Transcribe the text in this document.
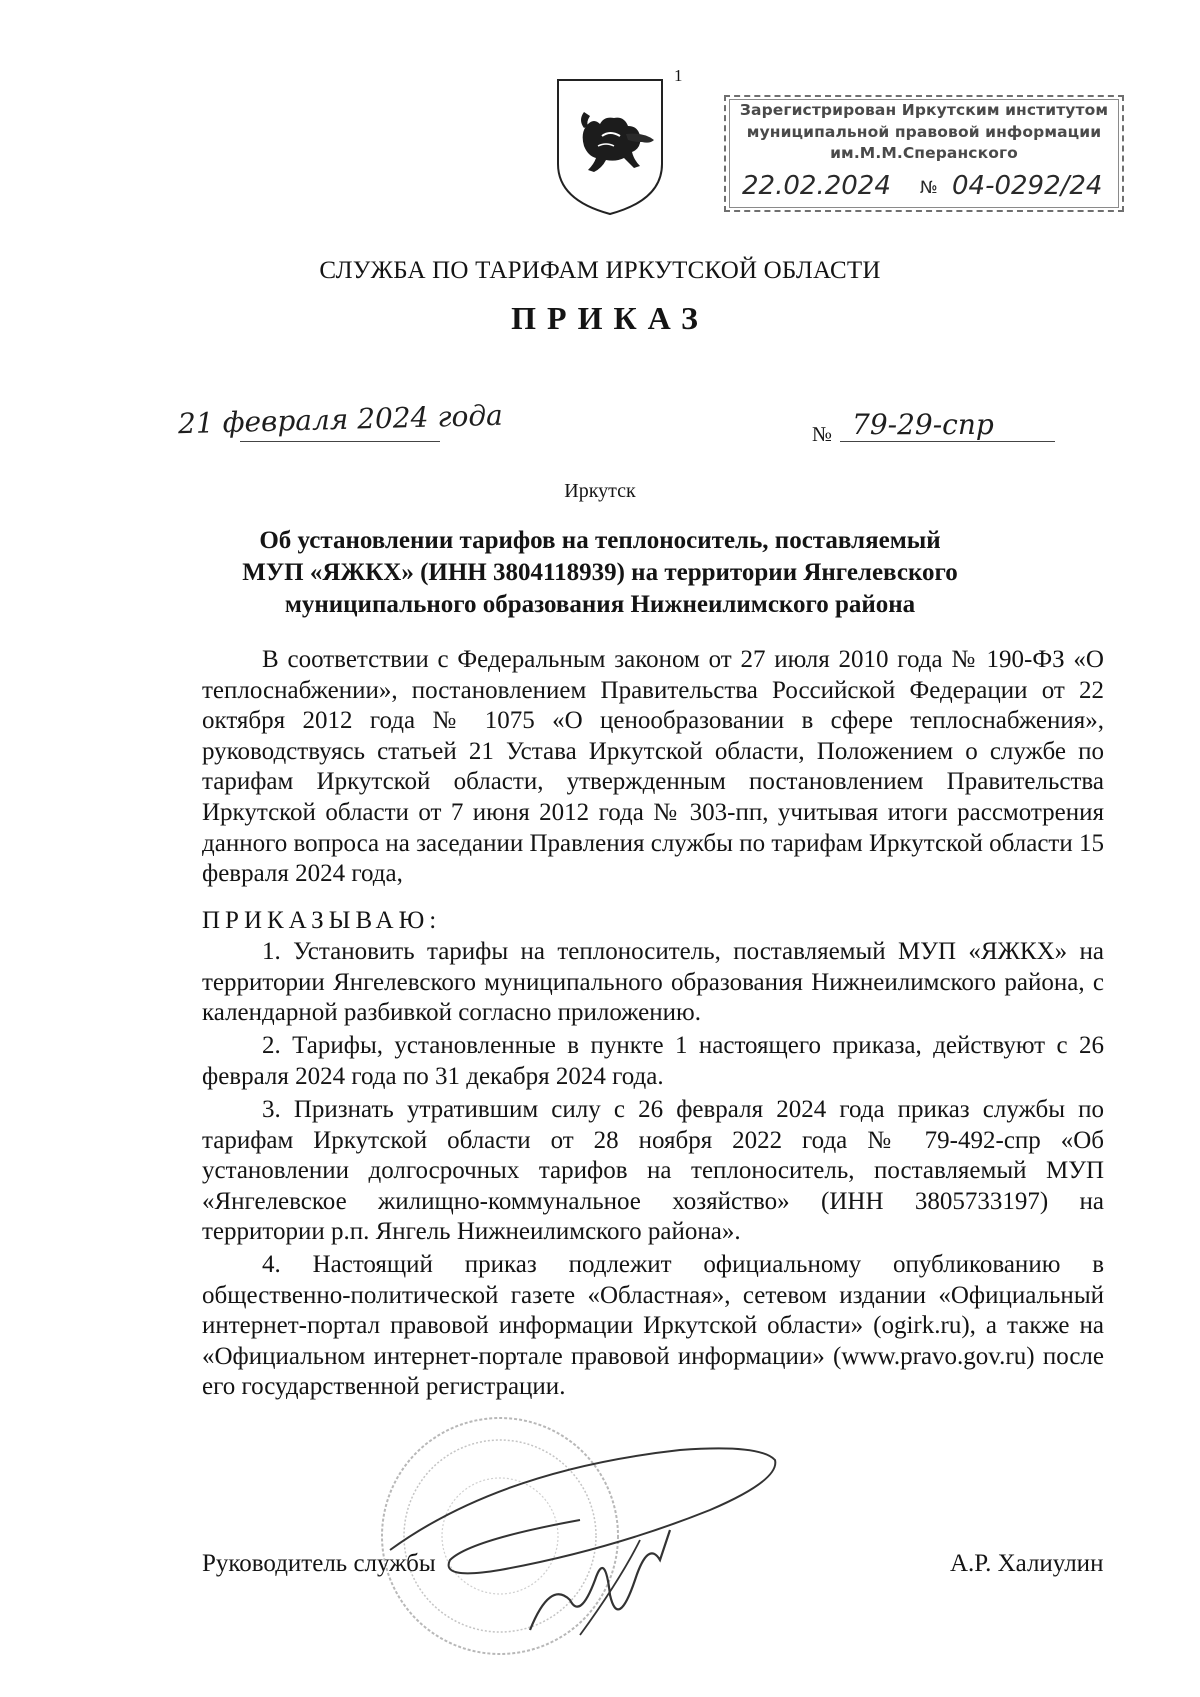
1
Зарегистрирован Иркутским институтом
муниципальной правовой информации
им.М.М.Сперанского
22.02.2024 № 04-0292/24
СЛУЖБА ПО ТАРИФАМ ИРКУТСКОЙ ОБЛАСТИ
ПРИКАЗ
21 февраля 2024 года	№ 79-29-спр
Иркутск
Об установлении тарифов на теплоноситель, поставляемый МУП «ЯЖКХ» (ИНН 3804118939) на территории Янгелевского муниципального образования Нижнеилимского района
В соответствии с Федеральным законом от 27 июля 2010 года № 190-ФЗ «О теплоснабжении», постановлением Правительства Российской Федерации от 22 октября 2012 года № 1075 «О ценообразовании в сфере теплоснабжения», руководствуясь статьей 21 Устава Иркутской области, Положением о службе по тарифам Иркутской области, утвержденным постановлением Правительства Иркутской области от 7 июня 2012 года № 303-пп, учитывая итоги рассмотрения данного вопроса на заседании Правления службы по тарифам Иркутской области 15 февраля 2024 года,
ПРИКАЗЫВАЮ:
1. Установить тарифы на теплоноситель, поставляемый МУП «ЯЖКХ» на территории Янгелевского муниципального образования Нижнеилимского района, с календарной разбивкой согласно приложению.
2. Тарифы, установленные в пункте 1 настоящего приказа, действуют с 26 февраля 2024 года по 31 декабря 2024 года.
3. Признать утратившим силу с 26 февраля 2024 года приказ службы по тарифам Иркутской области от 28 ноября 2022 года № 79-492-спр «Об установлении долгосрочных тарифов на теплоноситель, поставляемый МУП «Янгелевское жилищно-коммунальное хозяйство» (ИНН 3805733197) на территории р.п. Янгель Нижнеилимского района».
4. Настоящий приказ подлежит официальному опубликованию в общественно-политической газете «Областная», сетевом издании «Официальный интернет-портал правовой информации Иркутской области» (ogirk.ru), а также на «Официальном интернет-портале правовой информации» (www.pravo.gov.ru) после его государственной регистрации.
Руководитель службы	А.Р. Халиулин
